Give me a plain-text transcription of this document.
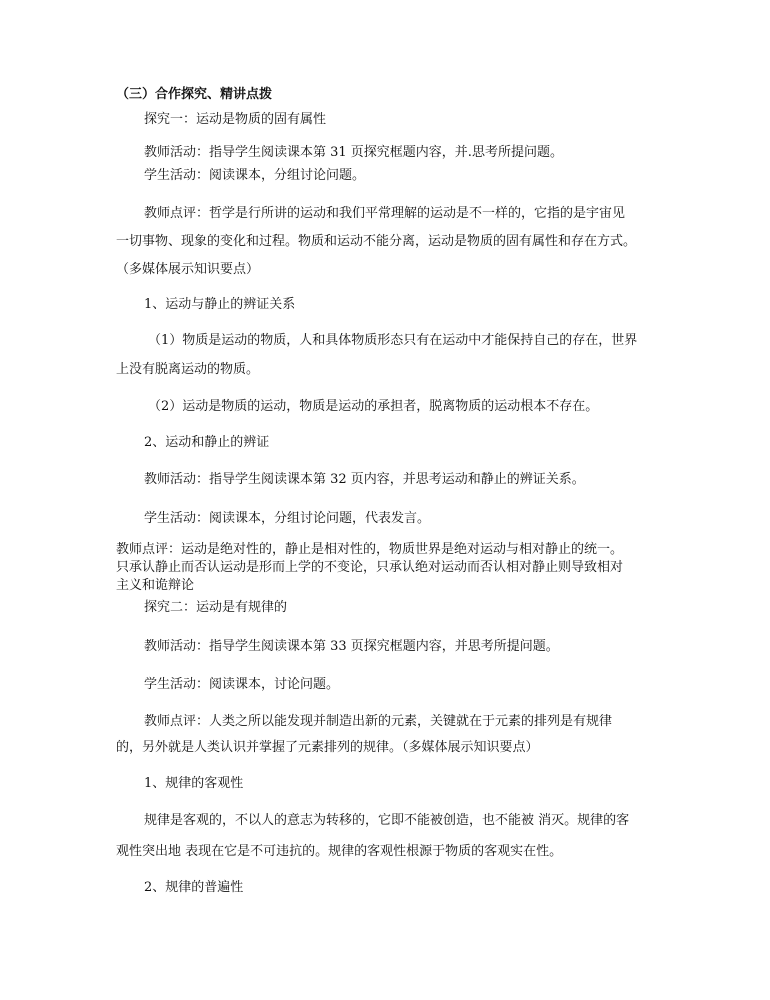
（三）合作探究、精讲点拨
探究一：运动是物质的固有属性
教师活动：指导学生阅读课本第 31 页探究框题内容，并.思考所提问题。
学生活动：阅读课本，分组讨论问题。
教师点评：哲学是行所讲的运动和我们平常理解的运动是不一样的，它指的是宇宙见
一切事物、现象的变化和过程。物质和运动不能分离，运动是物质的固有属性和存在方式。
（多媒体展示知识要点）
1、运动与静止的辨证关系
（1）物质是运动的物质，人和具体物质形态只有在运动中才能保持自己的存在，世界
上没有脱离运动的物质。
（2）运动是物质的运动，物质是运动的承担者，脱离物质的运动根本不存在。
2、运动和静止的辨证
教师活动：指导学生阅读课本第 32 页内容，并思考运动和静止的辨证关系。
学生活动：阅读课本，分组讨论问题，代表发言。
教师点评：运动是绝对性的，静止是相对性的，物质世界是绝对运动与相对静止的统一。
只承认静止而否认运动是形而上学的不变论，只承认绝对运动而否认相对静止则导致相对
主义和诡辩论
探究二：运动是有规律的
教师活动：指导学生阅读课本第 33 页探究框题内容，并思考所提问题。
学生活动：阅读课本，讨论问题。
教师点评：人类之所以能发现并制造出新的元素，关键就在于元素的排列是有规律
的，另外就是人类认识并掌握了元素排列的规律。（多媒体展示知识要点）
1、规律的客观性
规律是客观的，不以人的意志为转移的，它即不能被创造，也不能被 消灭。规律的客
观性突出地 表现在它是不可违抗的。规律的客观性根源于物质的客观实在性。
2、规律的普遍性
